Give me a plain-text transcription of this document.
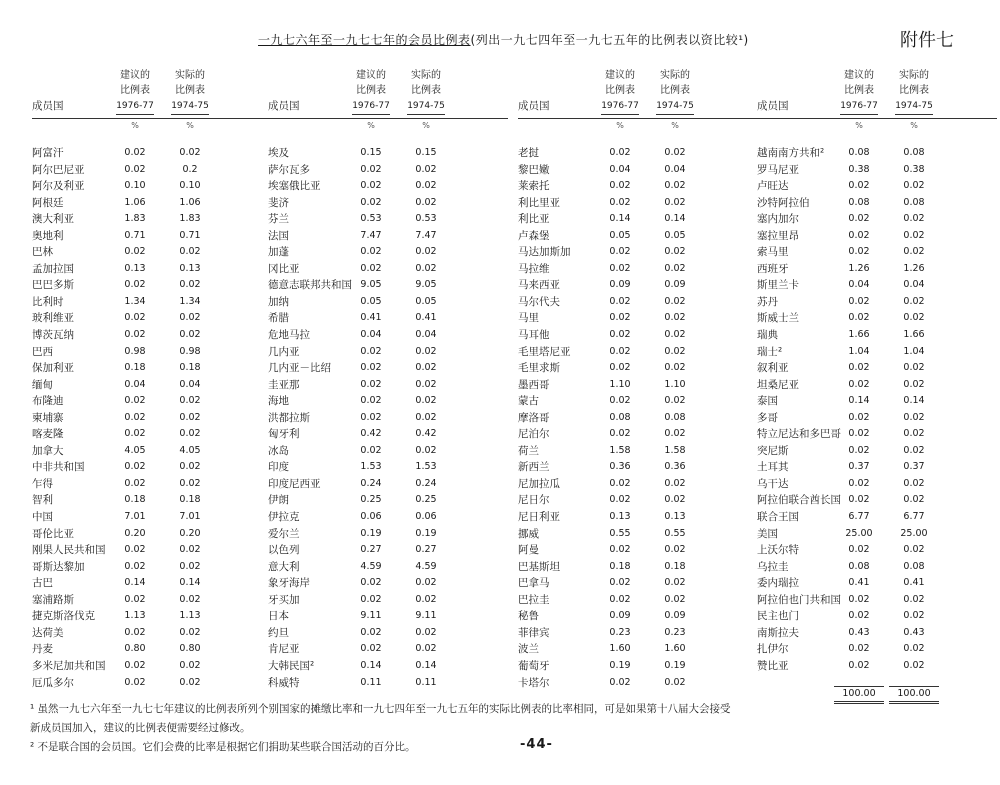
一九七六年至一九七七年的会员比例表(列出一九七四年至一九七五年的比例表以资比较¹)	附件七
成员国
建议的
比例表
1976-77
实际的
比例表
1974-75
%	%
阿富汗	0.02	0.02
阿尔巴尼亚	0.02	0.2
阿尔及利亚	0.10	0.10
阿根廷	1.06	1.06
澳大利亚	1.83	1.83
奥地利	0.71	0.71
巴林	0.02	0.02
孟加拉国	0.13	0.13
巴巴多斯	0.02	0.02
比利时	1.34	1.34
玻利维亚	0.02	0.02
博茨瓦纳	0.02	0.02
巴西	0.98	0.98
保加利亚	0.18	0.18
缅甸	0.04	0.04
布隆迪	0.02	0.02
柬埔寨	0.02	0.02
喀麦隆	0.02	0.02
加拿大	4.05	4.05
中非共和国	0.02	0.02
乍得	0.02	0.02
智利	0.18	0.18
中国	7.01	7.01
哥伦比亚	0.20	0.20
刚果人民共和国	0.02	0.02
哥斯达黎加	0.02	0.02
古巴	0.14	0.14
塞浦路斯	0.02	0.02
捷克斯洛伐克	1.13	1.13
达荷美	0.02	0.02
丹麦	0.80	0.80
多米尼加共和国	0.02	0.02
厄瓜多尔	0.02	0.02
成员国
建议的
比例表
1976-77
实际的
比例表
1974-75
%	%
埃及	0.15	0.15
萨尔瓦多	0.02	0.02
埃塞俄比亚	0.02	0.02
斐济	0.02	0.02
芬兰	0.53	0.53
法国	7.47	7.47
加蓬	0.02	0.02
冈比亚	0.02	0.02
德意志联邦共和国 9.05	9.05
加纳	0.05	0.05
希腊	0.41	0.41
危地马拉	0.04	0.04
几内亚	0.02	0.02
几内亚－比绍	0.02	0.02
圭亚那	0.02	0.02
海地	0.02	0.02
洪都拉斯	0.02	0.02
匈牙利	0.42	0.42
冰岛	0.02	0.02
印度	1.53	1.53
印度尼西亚	0.24	0.24
伊朗	0.25	0.25
伊拉克	0.06	0.06
爱尔兰	0.19	0.19
以色列	0.27	0.27
意大利	4.59	4.59
象牙海岸	0.02	0.02
牙买加	0.02	0.02
日本	9.11	9.11
约旦	0.02	0.02
肯尼亚	0.02	0.02
大韩民国²	0.14	0.14
科威特	0.11	0.11
成员国
建议的
比例表
1976-77
实际的
比例表
1974-75
%	%
老挝	0.02	0.02
黎巴嫩	0.04	0.04
莱索托	0.02	0.02
利比里亚	0.02	0.02
利比亚	0.14	0.14
卢森堡	0.05	0.05
马达加斯加	0.02	0.02
马拉维	0.02	0.02
马来西亚	0.09	0.09
马尔代夫	0.02	0.02
马里	0.02	0.02
马耳他	0.02	0.02
毛里塔尼亚	0.02	0.02
毛里求斯	0.02	0.02
墨西哥	1.10	1.10
蒙古	0.02	0.02
摩洛哥	0.08	0.08
尼泊尔	0.02	0.02
荷兰	1.58	1.58
新西兰	0.36	0.36
尼加拉瓜	0.02	0.02
尼日尔	0.02	0.02
尼日利亚	0.13	0.13
挪威	0.55	0.55
阿曼	0.02	0.02
巴基斯坦	0.18	0.18
巴拿马	0.02	0.02
巴拉圭	0.02	0.02
秘鲁	0.09	0.09
菲律宾	0.23	0.23
波兰	1.60	1.60
葡萄牙	0.19	0.19
卡塔尔	0.02	0.02
成员国
建议的
比例表
1976-77
实际的
比例表
1974-75
%	%
越南南方共和²	0.08	0.08
罗马尼亚	0.38	0.38
卢旺达	0.02	0.02
沙特阿拉伯	0.08	0.08
塞内加尔	0.02	0.02
塞拉里昂	0.02	0.02
索马里	0.02	0.02
西班牙	1.26	1.26
斯里兰卡	0.04	0.04
苏丹	0.02	0.02
斯威士兰	0.02	0.02
瑞典	1.66	1.66
瑞士²	1.04	1.04
叙利亚	0.02	0.02
坦桑尼亚	0.02	0.02
泰国	0.14	0.14
多哥	0.02	0.02
特立尼达和多巴哥 0.02	0.02
突尼斯	0.02	0.02
土耳其	0.37	0.37
乌干达	0.02	0.02
阿拉伯联合酋长国 0.02	0.02
联合王国	6.77	6.77
美国	25.00	25.00
上沃尔特	0.02	0.02
乌拉圭	0.08	0.08
委内瑞拉	0.41	0.41
阿拉伯也门共和国 0.02	0.02
民主也门	0.02	0.02
南斯拉夫	0.43	0.43
扎伊尔	0.02	0.02
赞比亚	0.02	0.02
100.00	100.00
¹ 虽然一九七六年至一九七七年建议的比例表所列个别国家的摊缴比率和一九七四年至一九七五年的实际比例表的比率相同，可是如果第十八届大会接受
新成员国加入，建议的比例表便需要经过修改。
² 不是联合国的会员国。它们会费的比率是根据它们捐助某些联合国活动的百分比。	-44-
